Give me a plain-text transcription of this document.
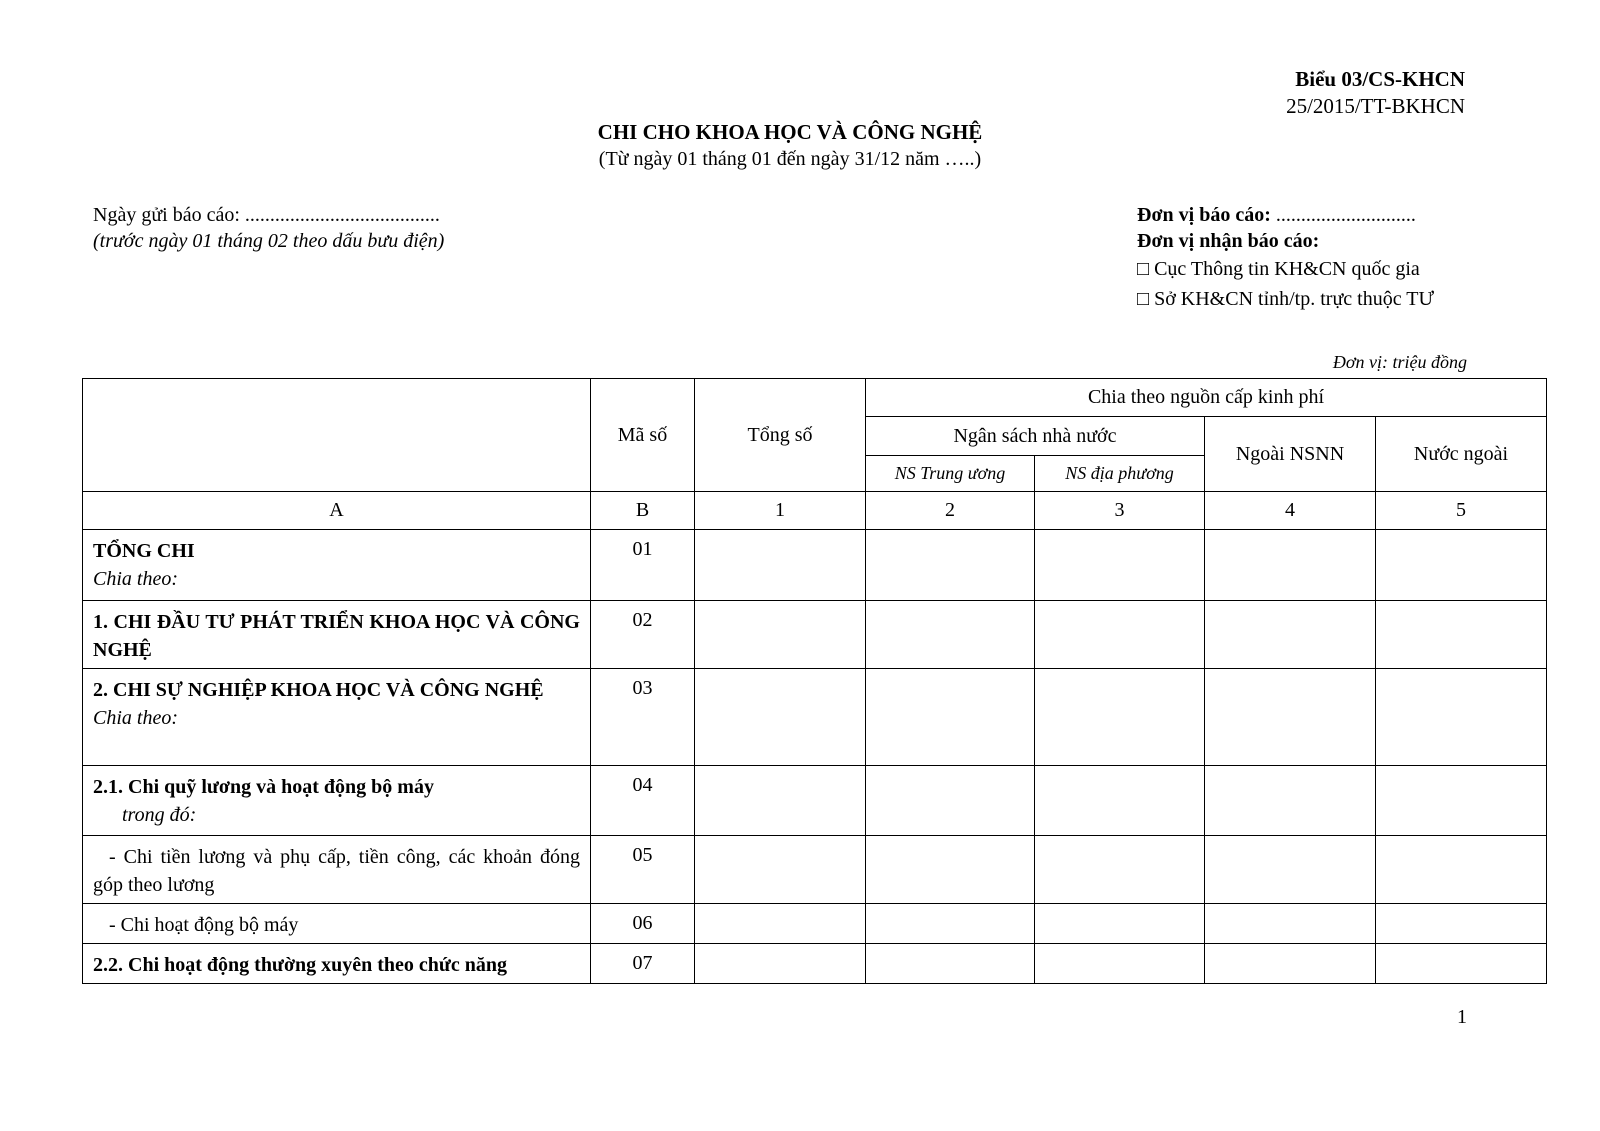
Biểu 03/CS-KHCN
25/2015/TT-BKHCN
CHI CHO KHOA HỌC VÀ CÔNG NGHỆ
(Từ ngày 01 tháng 01 đến ngày 31/12 năm …..)
Ngày gửi báo cáo: .......................................
(trước ngày 01 tháng 02 theo dấu bưu điện)
Đơn vị báo cáo: ............................
Đơn vị nhận báo cáo:
□ Cục Thông tin KH&CN quốc gia
□ Sở KH&CN tỉnh/tp. trực thuộc TƯ
Đơn vị: triệu đồng
	Mã số	Tổng số	Chia theo nguồn cấp kinh phí			
			Ngân sách nhà nước		Ngoài NSNN	Nước ngoài
			NS Trung ương	NS địa phương		
A	B	1	2	3	4	5
TỔNG CHI
Chia theo:	01					
1. CHI ĐẦU TƯ PHÁT TRIỂN KHOA HỌC VÀ CÔNG NGHỆ	02					

2. CHI SỰ NGHIỆP KHOA HỌC VÀ CÔNG NGHỆ
Chia theo:	03					
2.1. Chi quỹ lương và hoạt động bộ máy
trong đó:	04					
- Chi tiền lương và phụ cấp, tiền công, các khoản đóng góp theo lương	05					
- Chi hoạt động bộ máy	06					
2.2. Chi hoạt động thường xuyên theo chức năng	07					
1
